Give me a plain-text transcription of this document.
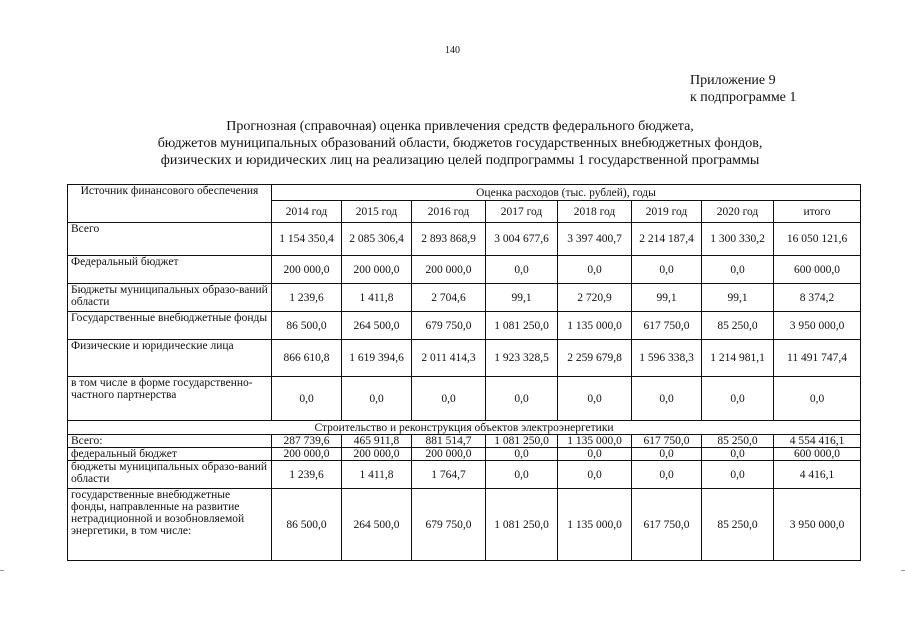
140
Приложение 9
к подпрограмме 1
Прогнозная (справочная) оценка привлечения средств федерального бюджета,
бюджетов муниципальных образований области, бюджетов государственных внебюджетных фондов,
физических и юридических лиц на реализацию целей подпрограммы 1 государственной программы
Источник финансового обеспечения	Оценка расходов (тыс. рублей), годы							
	2014 год	2015 год	2016 год	2017 год	2018 год	2019 год	2020 год	итого
Всего	1 154 350,4	2 085 306,4	2 893 868,9	3 004 677,6	3 397 400,7	2 214 187,4	1 300 330,2	16 050 121,6
Федеральный бюджет	200 000,0	200 000,0	200 000,0	0,0	0,0	0,0	0,0	600 000,0
Бюджеты муниципальных образо-ваний области	1 239,6	1 411,8	2 704,6	99,1	2 720,9	99,1	99,1	8 374,2
Государственные внебюджетные фонды	86 500,0	264 500,0	679 750,0	1 081 250,0	1 135 000,0	617 750,0	85 250,0	3 950 000,0
Физические и юридические лица	866 610,8	1 619 394,6	2 011 414,3	1 923 328,5	2 259 679,8	1 596 338,3	1 214 981,1	11 491 747,4
в том числе в форме государственно-частного партнерства	0,0	0,0	0,0	0,0	0,0	0,0	0,0	0,0
Строительство и реконструкция объектов электроэнергетики								
Всего:	287 739,6	465 911,8	881 514,7	1 081 250,0	1 135 000,0	617 750,0	85 250,0	4 554 416,1
федеральный бюджет	200 000,0	200 000,0	200 000,0	0,0	0,0	0,0	0,0	600 000,0
бюджеты муниципальных образо-ваний области	1 239,6	1 411,8	1 764,7	0,0	0,0	0,0	0,0	4 416,1
государственные внебюджетные фонды, направленные на развитие нетрадиционной и возобновляемой энергетики, в том числе:	86 500,0	264 500,0	679 750,0	1 081 250,0	1 135 000,0	617 750,0	85 250,0	3 950 000,0
